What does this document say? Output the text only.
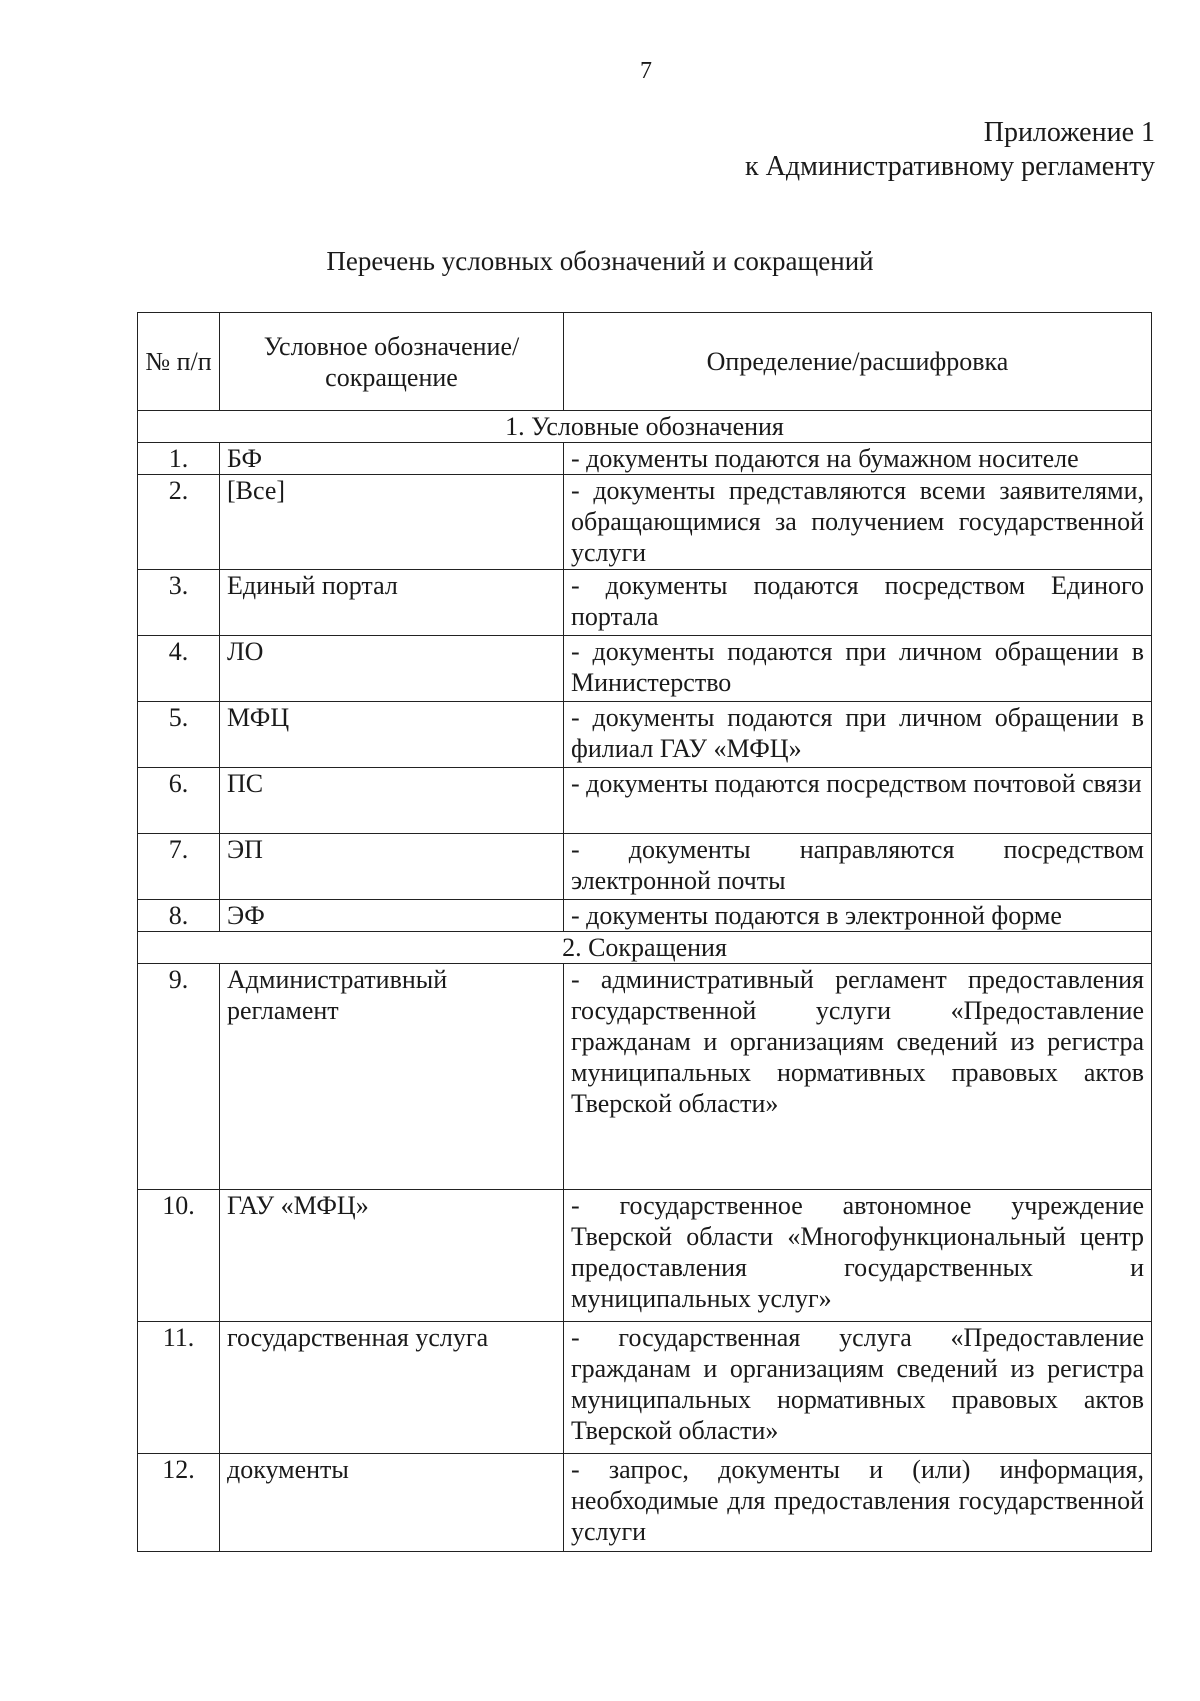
7
Приложение 1
к Административному регламенту
Перечень условных обозначений и сокращений
№ п/п	Условное обозначение/сокращение	Определение/расшифровка
1. Условные обозначения		
1.	БФ	- документы подаются на бумажном носителе
2.	[Все]	- документы представляются всеми заявителями, обращающимися за получением государственной услуги
3.	Единый портал	- документы подаются посредством Единого портала
4.	ЛО	- документы подаются при личном обращении в Министерство
5.	МФЦ	- документы подаются при личном обращении в филиал ГАУ «МФЦ»
6.	ПС	- документы подаются посредством почтовой связи
7.	ЭП	- документы направляются посредством электронной почты
8.	ЭФ	- документы подаются в электронной форме
2. Сокращения		
9.	Административный регламент	- административный регламент предоставления государственной услуги «Предоставление гражданам и организациям сведений из регистра муниципальных нормативных правовых актов Тверской области»
10.	ГАУ «МФЦ»	- государственное автономное учреждение Тверской области «Многофункциональный центр предоставления государственных и муниципальных услуг»
11.	государственная услуга	- государственная услуга «Предоставление гражданам и организациям сведений из регистра муниципальных нормативных правовых актов Тверской области»
12.	документы	- запрос, документы и (или) информация, необходимые для предоставления государственной услуги
